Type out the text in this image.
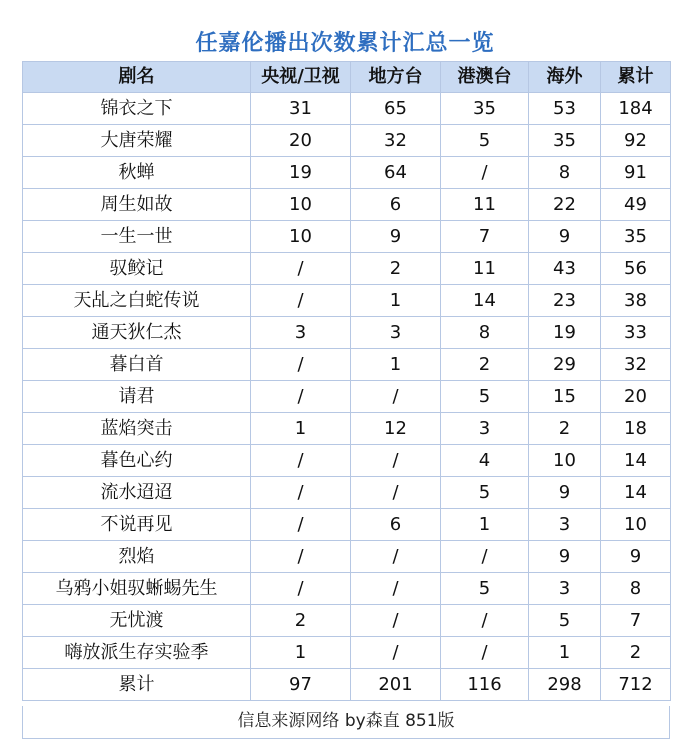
任嘉伦播出次数累计汇总一览
剧名	央视/卫视	地方台	港澳台	海外	累计
锦衣之下	31	65	35	53	184
大唐荣耀	20	32	5	35	92
秋蝉	19	64	/	8	91
周生如故	10	6	11	22	49
一生一世	10	9	7	9	35
驭鲛记	/	2	11	43	56
天乩之白蛇传说	/	1	14	23	38
通天狄仁杰	3	3	8	19	33
暮白首	/	1	2	29	32
请君	/	/	5	15	20
蓝焰突击	1	12	3	2	18
暮色心约	/	/	4	10	14
流水迢迢	/	/	5	9	14
不说再见	/	6	1	3	10
烈焰	/	/	/	9	9
乌鸦小姐驭蜥蜴先生	/	/	5	3	8
无忧渡	2	/	/	5	7
嗨放派生存实验季	1	/	/	1	2
累计	97	201	116	298	712
信息来源网络 by森直 851版
